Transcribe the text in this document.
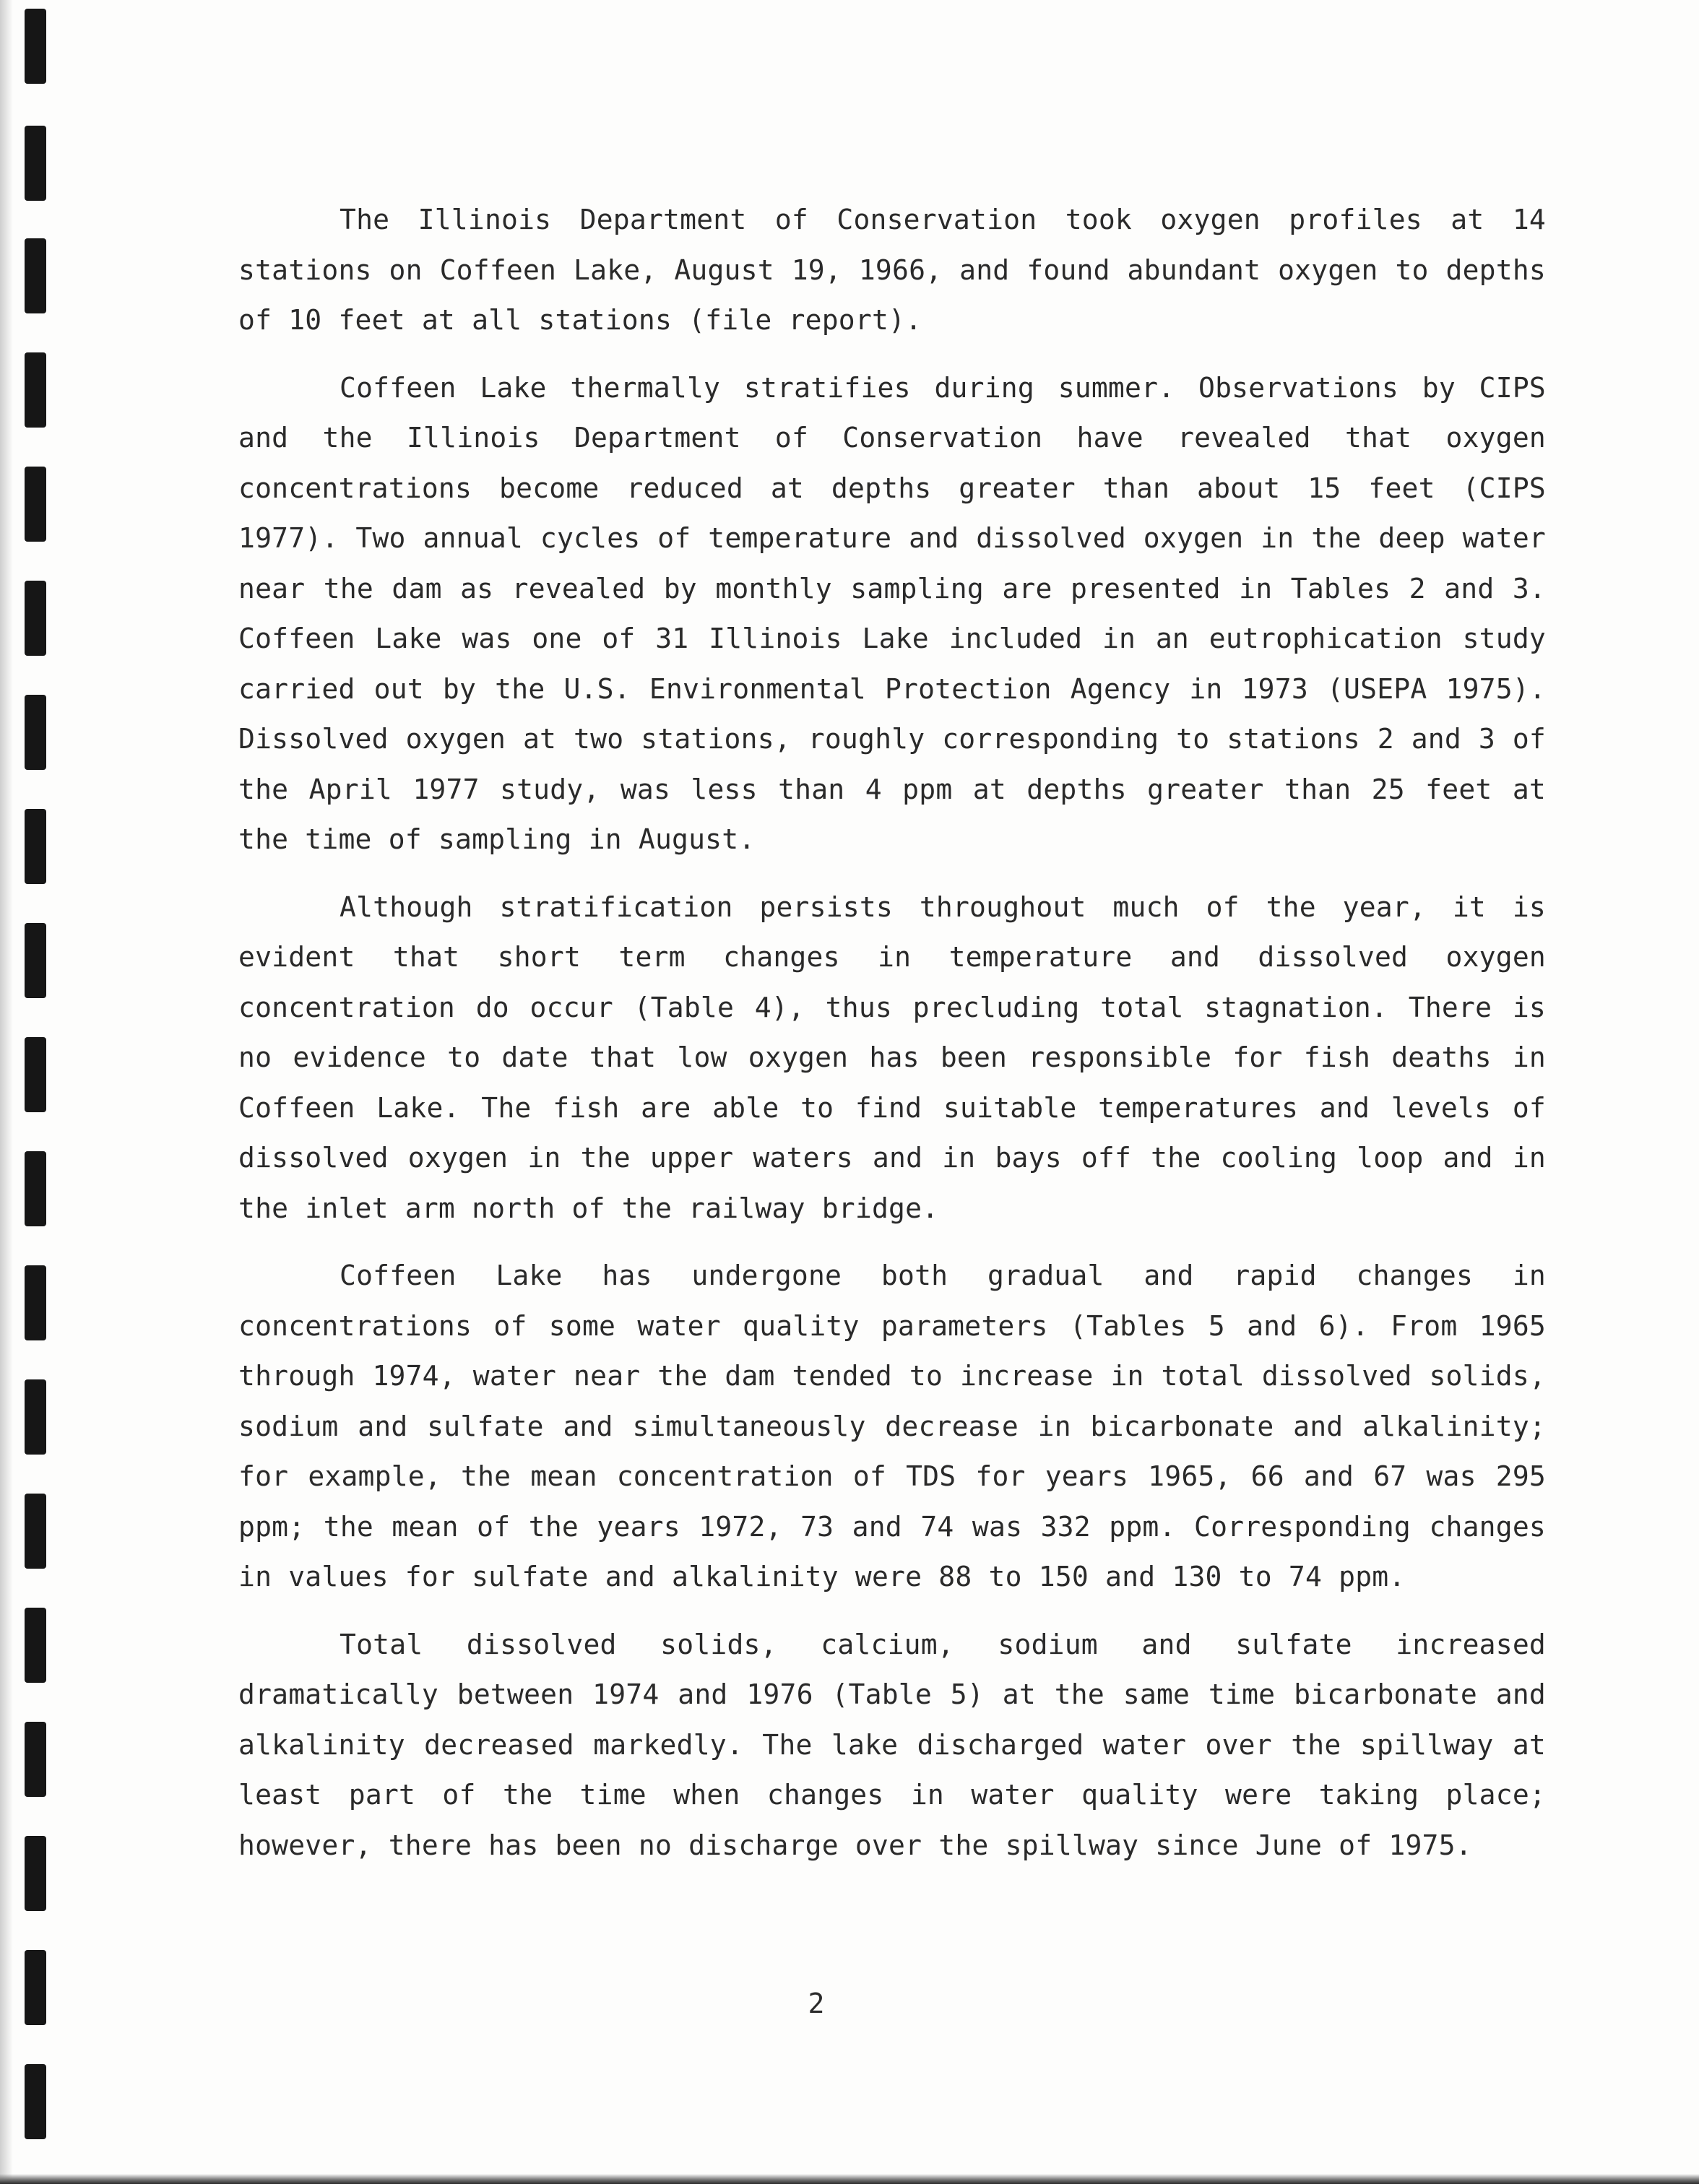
The Illinois Department of Conservation took oxygen profiles at 14 stations on Coffeen Lake, August 19, 1966, and found abundant oxygen to depths of 10 feet at all stations (file report).

Coffeen Lake thermally stratifies during summer. Observations by CIPS and the Illinois Department of Conservation have revealed that oxygen concentrations become reduced at depths greater than about 15 feet (CIPS 1977). Two annual cycles of temperature and dissolved oxygen in the deep water near the dam as revealed by monthly sampling are presented in Tables 2 and 3. Coffeen Lake was one of 31 Illinois Lake included in an eutrophication study carried out by the U.S. Environmental Protection Agency in 1973 (USEPA 1975). Dissolved oxygen at two stations, roughly corresponding to stations 2 and 3 of the April 1977 study, was less than 4 ppm at depths greater than 25 feet at the time of sampling in August.

Although stratification persists throughout much of the year, it is evident that short term changes in temperature and dissolved oxygen concentration do occur (Table 4), thus precluding total stagnation. There is no evidence to date that low oxygen has been responsible for fish deaths in Coffeen Lake. The fish are able to find suitable temperatures and levels of dissolved oxygen in the upper waters and in bays off the cooling loop and in the inlet arm north of the railway bridge.

Coffeen Lake has undergone both gradual and rapid changes in concentrations of some water quality parameters (Tables 5 and 6). From 1965 through 1974, water near the dam tended to increase in total dissolved solids, sodium and sulfate and simultaneously decrease in bicarbonate and alkalinity; for example, the mean concentration of TDS for years 1965, 66 and 67 was 295 ppm; the mean of the years 1972, 73 and 74 was 332 ppm. Corresponding changes in values for sulfate and alkalinity were 88 to 150 and 130 to 74 ppm.

Total dissolved solids, calcium, sodium and sulfate increased dramatically between 1974 and 1976 (Table 5) at the same time bicarbonate and alkalinity decreased markedly. The lake discharged water over the spillway at least part of the time when changes in water quality were taking place; however, there has been no discharge over the spillway since June of 1975.

2
